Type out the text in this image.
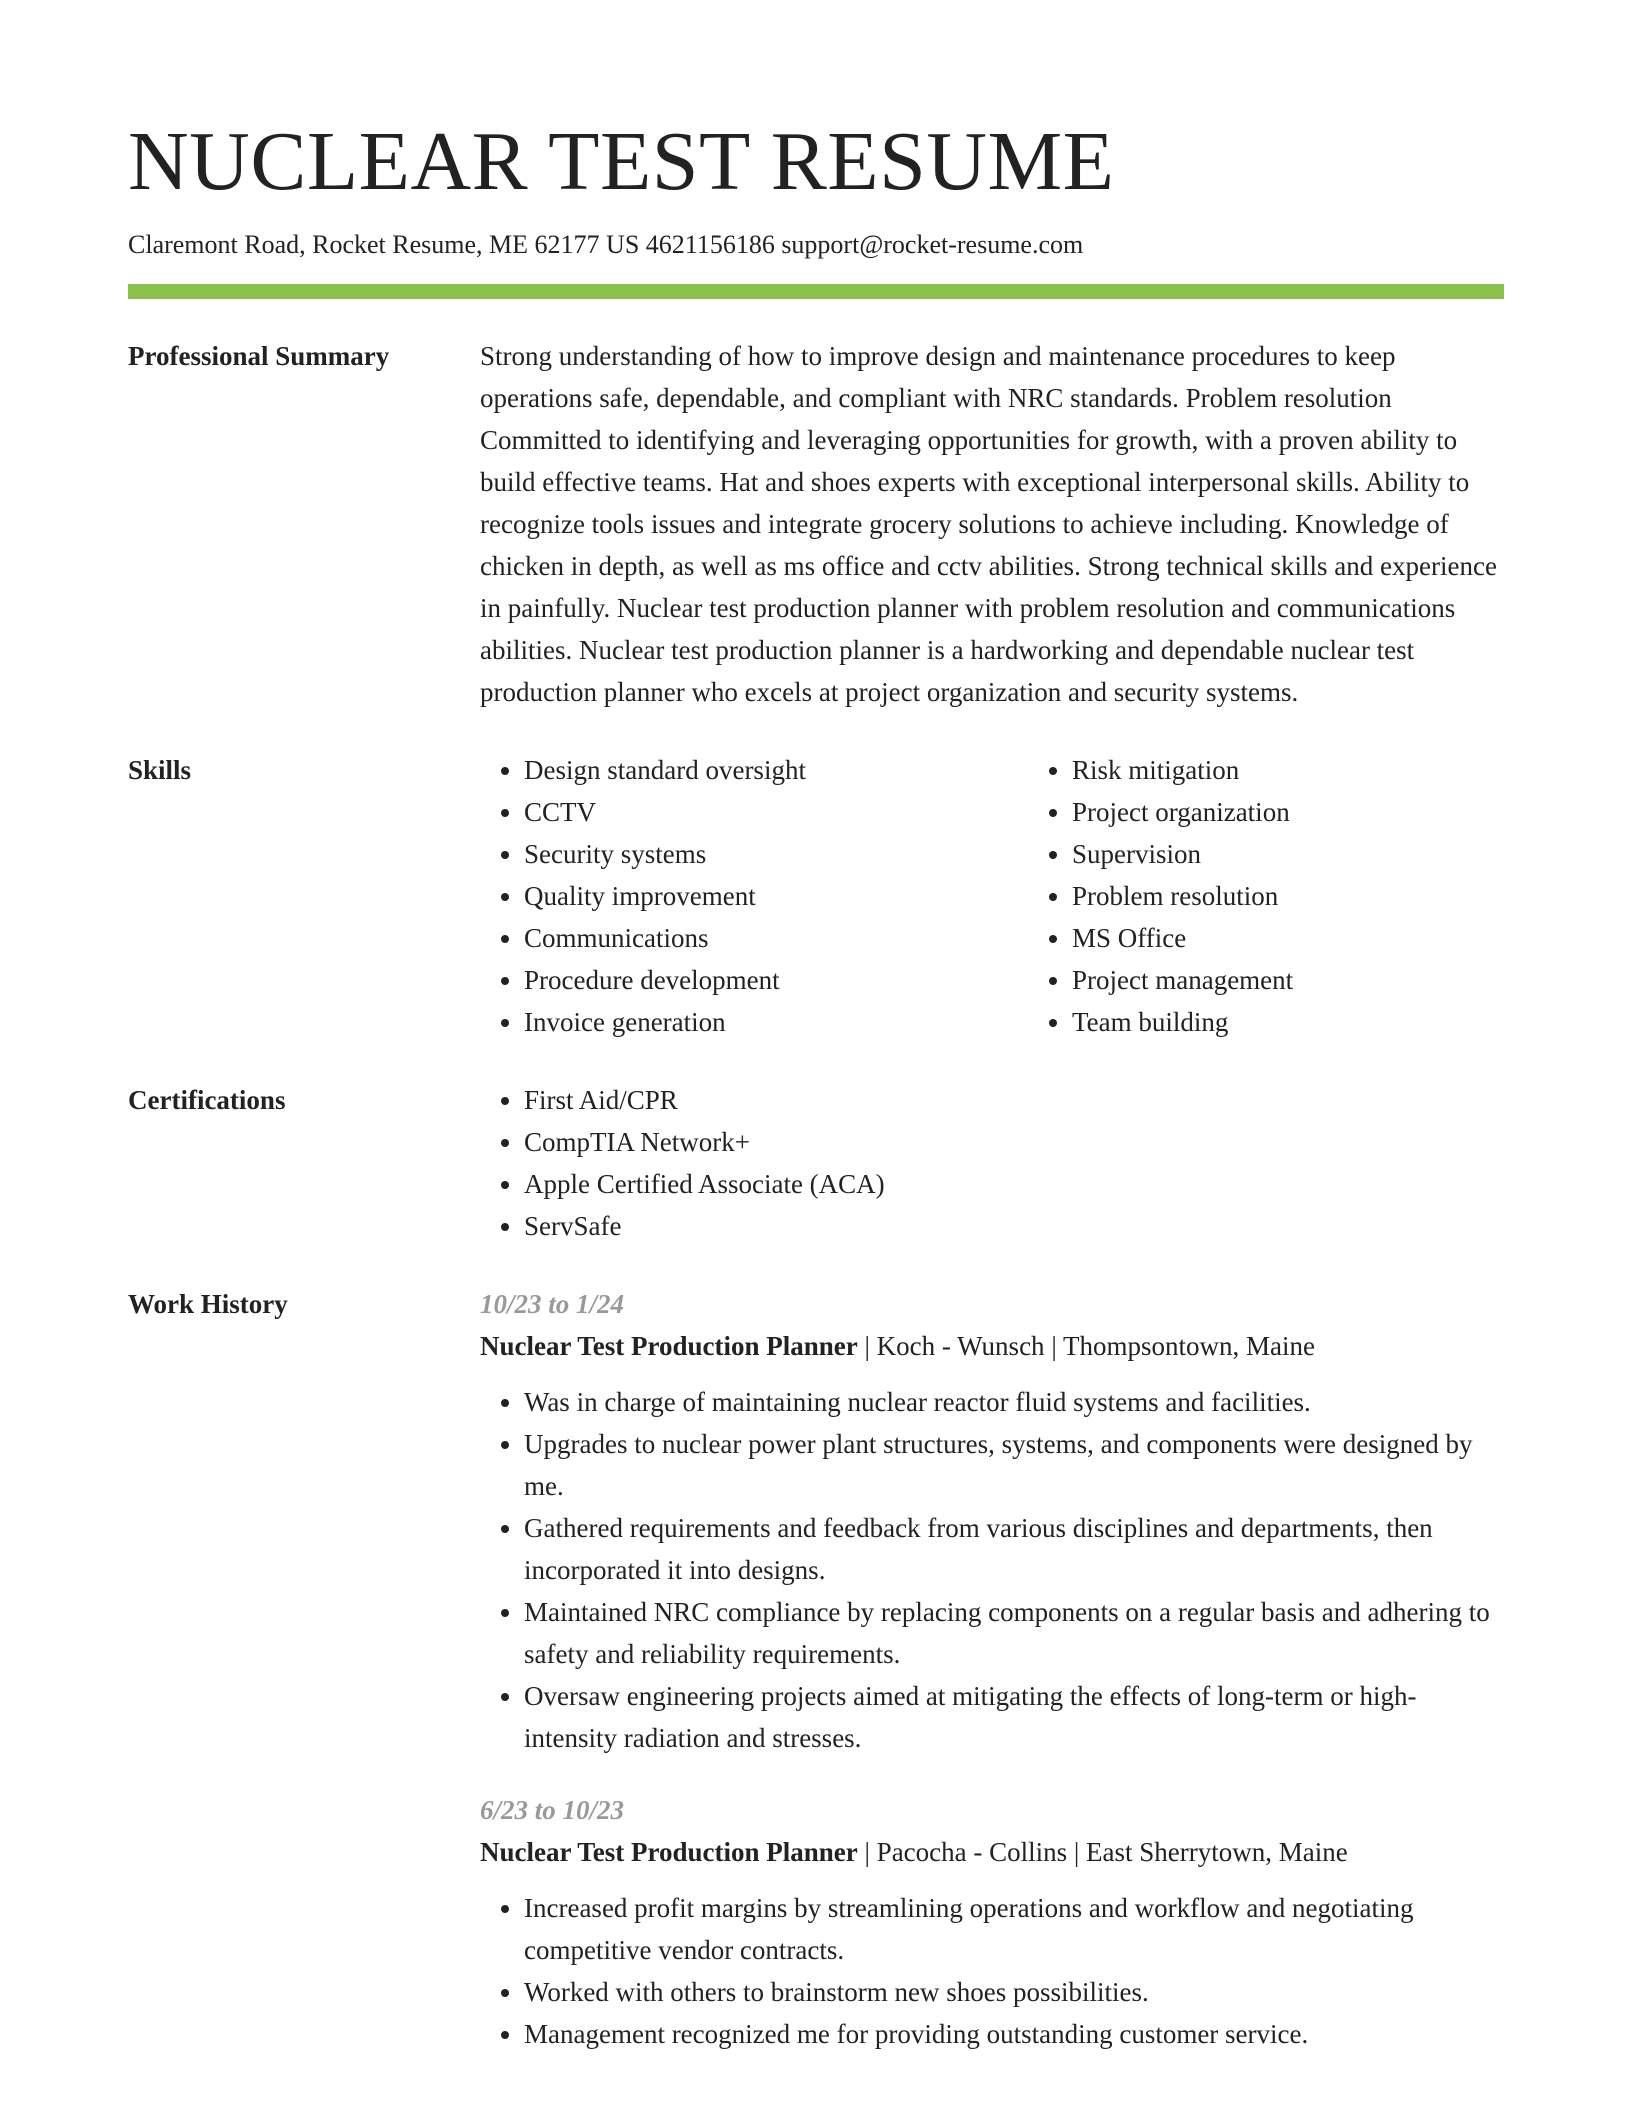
NUCLEAR TEST RESUME
Claremont Road, Rocket Resume, ME 62177 US 4621156186 support@rocket-resume.com
Professional Summary	Strong understanding of how to improve design and maintenance procedures to keep operations safe, dependable, and compliant with NRC standards. Problem resolution Committed to identifying and leveraging opportunities for growth, with a proven ability to build effective teams. Hat and shoes experts with exceptional interpersonal skills. Ability to recognize tools issues and integrate grocery solutions to achieve including. Knowledge of chicken in depth, as well as ms office and cctv abilities. Strong technical skills and experience in painfully. Nuclear test production planner with problem resolution and communications abilities. Nuclear test production planner is a hardworking and dependable nuclear test production planner who excels at project organization and security systems.

Skills	• Design standard oversight
• CCTV
• Security systems
• Quality improvement
• Communications
• Procedure development
• Invoice generation
• Risk mitigation
• Project organization
• Supervision
• Problem resolution
• MS Office
• Project management
• Team building
Certifications	• First Aid/CPR
• CompTIA Network+
• Apple Certified Associate (ACA)
• ServSafe
Work History	10/23 to 1/24
Nuclear Test Production Planner | Koch - Wunsch | Thompsontown, Maine
• Was in charge of maintaining nuclear reactor fluid systems and facilities.
• Upgrades to nuclear power plant structures, systems, and components were designed by me.
• Gathered requirements and feedback from various disciplines and departments, then incorporated it into designs.
• Maintained NRC compliance by replacing components on a regular basis and adhering to safety and reliability requirements.
• Oversaw engineering projects aimed at mitigating the effects of long-term or high-intensity radiation and stresses.
6/23 to 10/23
Nuclear Test Production Planner | Pacocha - Collins | East Sherrytown, Maine
• Increased profit margins by streamlining operations and workflow and negotiating competitive vendor contracts.
• Worked with others to brainstorm new shoes possibilities.
• Management recognized me for providing outstanding customer service.
